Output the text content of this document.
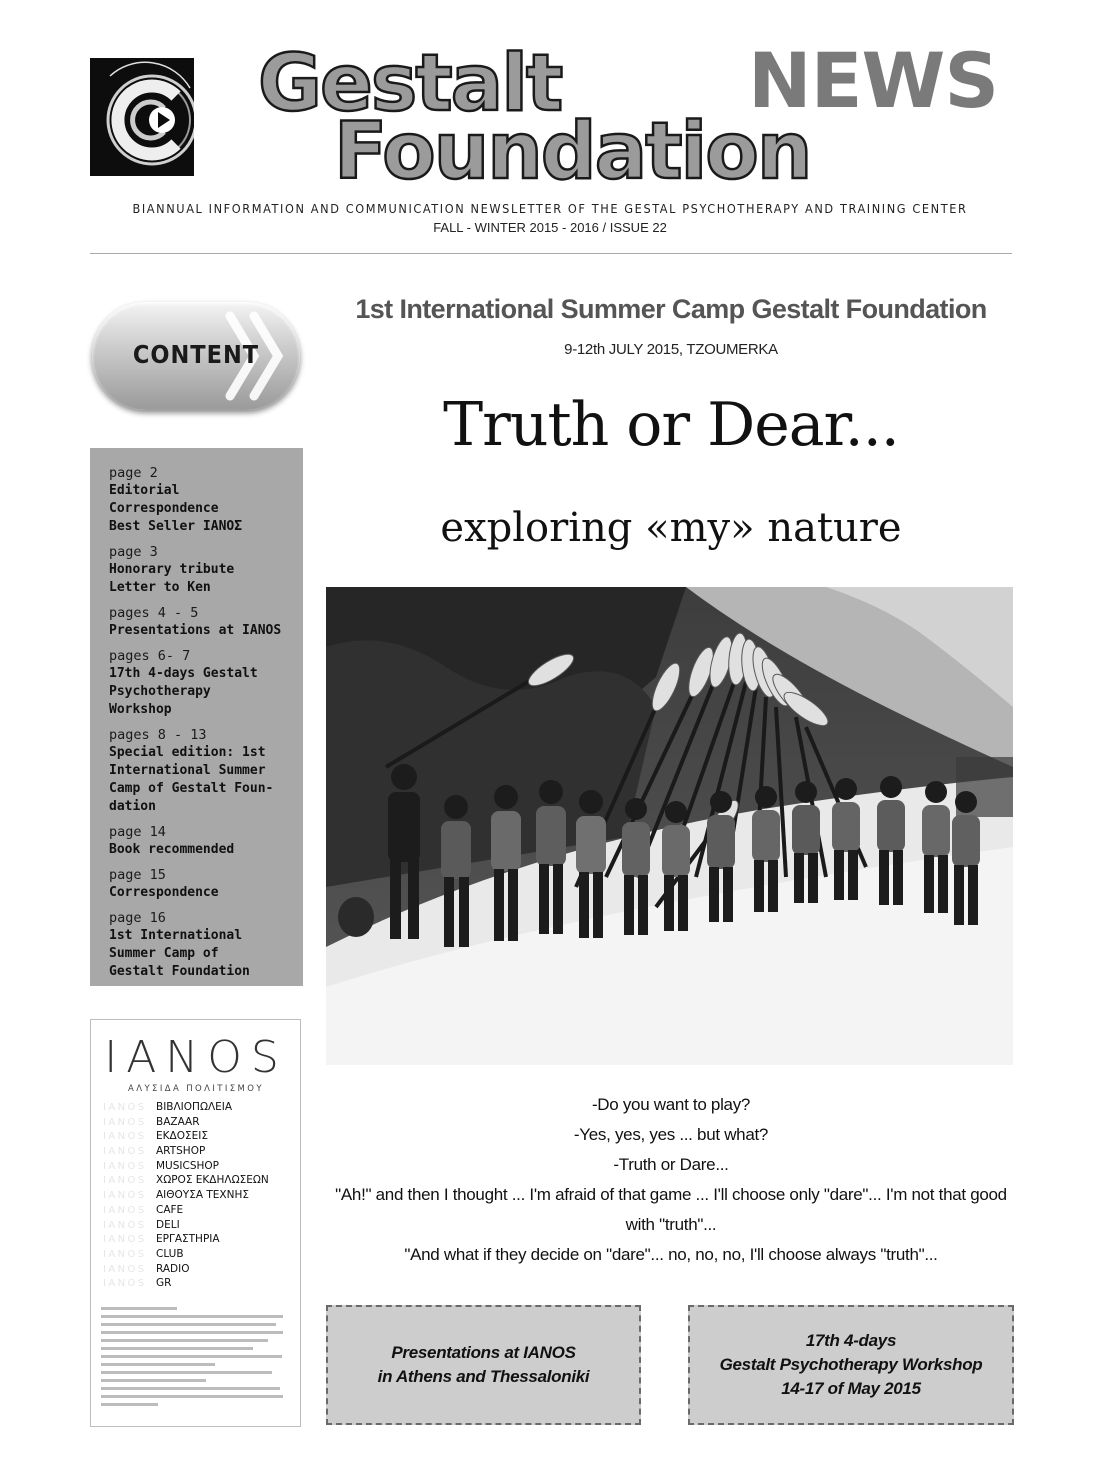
Gestalt
Foundation
NEWS
BIANNUAL INFORMATION AND COMMUNICATION NEWSLETTER OF THE GESTAL PSYCHOTHERAPY AND TRAINING CENTER
FALL - WINTER 2015 - 2016 / ISSUE 22
CONTENT
page 2
Editorial
Correspondence
Best Seller ΙΑΝΟΣ
page 3
Honorary tribute
Letter to Ken
pages 4 - 5
Presentations at IANOS
pages 6- 7
17th 4-days Gestalt
Psychotherapy
Workshop
pages 8 - 13
Special edition: 1st
International Summer
Camp of Gestalt Foun-
dation
page 14
Book recommended
page 15
Correspondence
page 16
1st International
Summer Camp of
Gestalt Foundation
IANOS
ΑΛΥΣΙΔΑ ΠΟΛΙΤΙΣΜΟΥ
IANOS ΒΙΒΛΙΟΠΩΛΕΙΑ
IANOS BAZAAR
IANOS ΕΚΔΟΣΕΙΣ
IANOS ARTSHOP
IANOS MUSICSHOP
IANOS ΧΩΡΟΣ ΕΚΔΗΛΩΣΕΩΝ
IANOS ΑΙΘΟΥΣΑ ΤΕΧΝΗΣ
IANOS CAFE
IANOS DELI
IANOS ΕΡΓΑΣΤΗΡΙΑ
IANOS CLUB
IANOS RADIO
IANOS GR
1st International Summer Camp Gestalt Foundation
9-12th JULY 2015, TZOUMERKA
Truth or Dear...
exploring «my» nature
-Do you want to play?
-Yes, yes, yes ... but what?
-Truth or Dare...
"Ah!" and then I thought ... I'm afraid of that game ... I'll choose only "dare"... I'm not that good
with "truth"...
"And what if they decide on "dare"... no, no, no, I'll choose always "truth"...
Presentations at IANOS
in Athens and Thessaloniki
17th 4-days
Gestalt Psychotherapy Workshop
14-17 of May 2015
